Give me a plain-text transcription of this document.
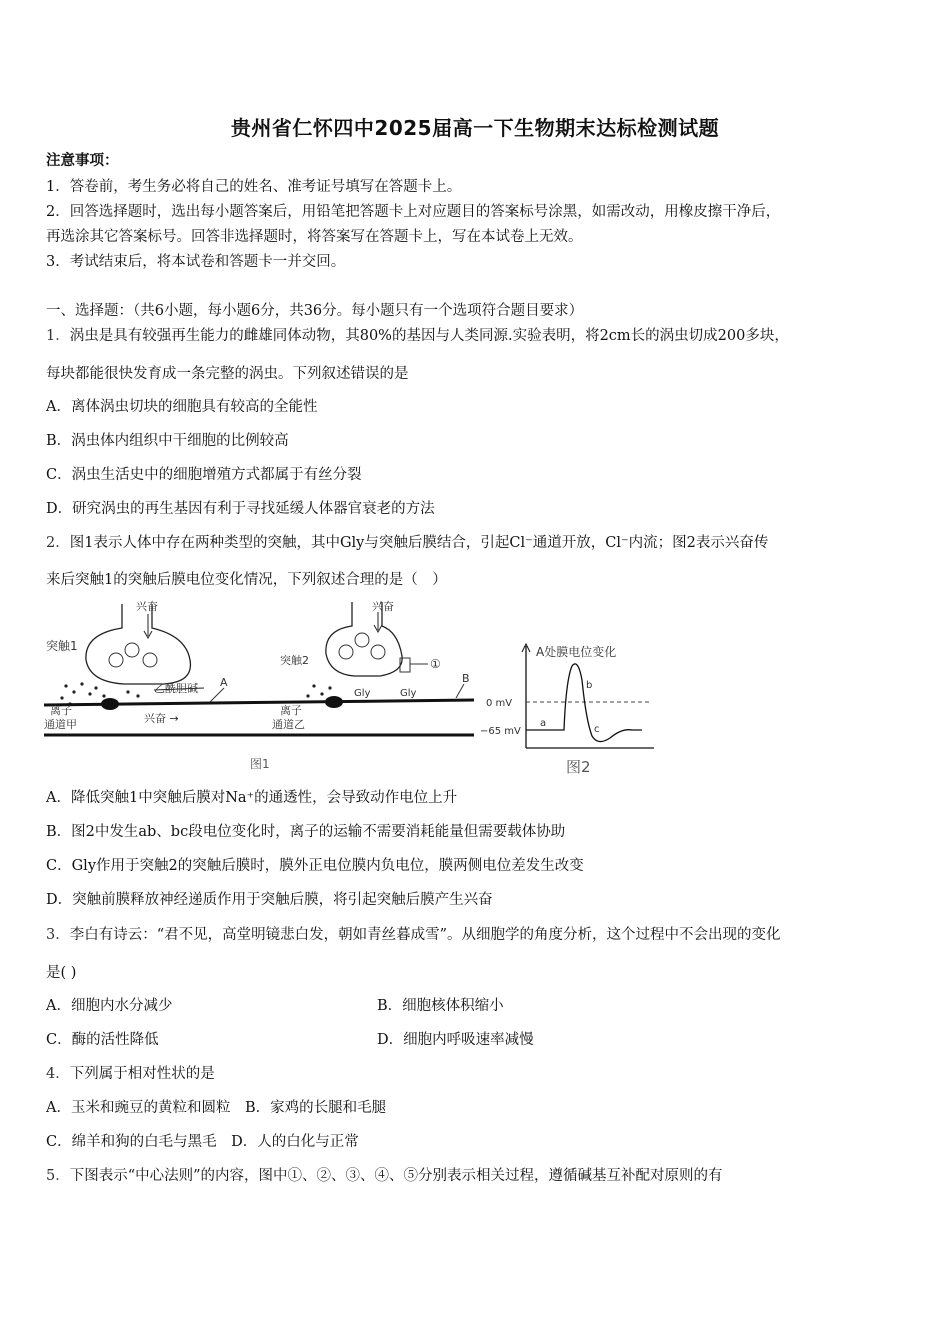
贵州省仁怀四中2025届高一下生物期末达标检测试题
注意事项：
1．答卷前，考生务必将自己的姓名、准考证号填写在答题卡上。
2．回答选择题时，选出每小题答案后，用铅笔把答题卡上对应题目的答案标号涂黑，如需改动，用橡皮擦干净后，
再选涂其它答案标号。回答非选择题时，将答案写在答题卡上，写在本试卷上无效。
3．考试结束后，将本试卷和答题卡一并交回。
一、选择题：（共6小题，每小题6分，共36分。每小题只有一个选项符合题目要求）
1．涡虫是具有较强再生能力的雌雄同体动物，其80%的基因与人类同源.实验表明，将2cm长的涡虫切成200多块，
每块都能很快发育成一条完整的涡虫。下列叙述错误的是
A．离体涡虫切块的细胞具有较高的全能性
B．涡虫体内组织中干细胞的比例较高
C．涡虫生活史中的细胞增殖方式都属于有丝分裂
D．研究涡虫的再生基因有利于寻找延缓人体器官衰老的方法
2．图1表示人体中存在两种类型的突触，其中Gly与突触后膜结合，引起Cl⁻通道开放，Cl⁻内流；图2表示兴奋传
来后突触1的突触后膜电位变化情况，下列叙述合理的是（　）
兴奋
突触1
兴奋
突触2	①
Gly	Gly
乙酰胆碱 A	B
离子
通道甲
离子
通道乙
兴奋 →
图1
A处膜电位变化
0 mV
−65 mV
a
b
c
图2
A．降低突触1中突触后膜对Na⁺的通透性，会导致动作电位上升
B．图2中发生ab、bc段电位变化时，离子的运输不需要消耗能量但需要载体协助
C．Gly作用于突触2的突触后膜时，膜外正电位膜内负电位，膜两侧电位差发生改变
D．突触前膜释放神经递质作用于突触后膜，将引起突触后膜产生兴奋
3．李白有诗云：“君不见，高堂明镜悲白发，朝如青丝暮成雪”。从细胞学的角度分析，这个过程中不会出现的变化
是( )
A．细胞内水分减少	B．细胞核体积缩小
C．酶的活性降低	D．细胞内呼吸速率减慢
4．下列属于相对性状的是
A．玉米和豌豆的黄粒和圆粒　B．家鸡的长腿和毛腿
C．绵羊和狗的白毛与黑毛　D．人的白化与正常
5．下图表示“中心法则”的内容，图中①、②、③、④、⑤分别表示相关过程，遵循碱基互补配对原则的有
